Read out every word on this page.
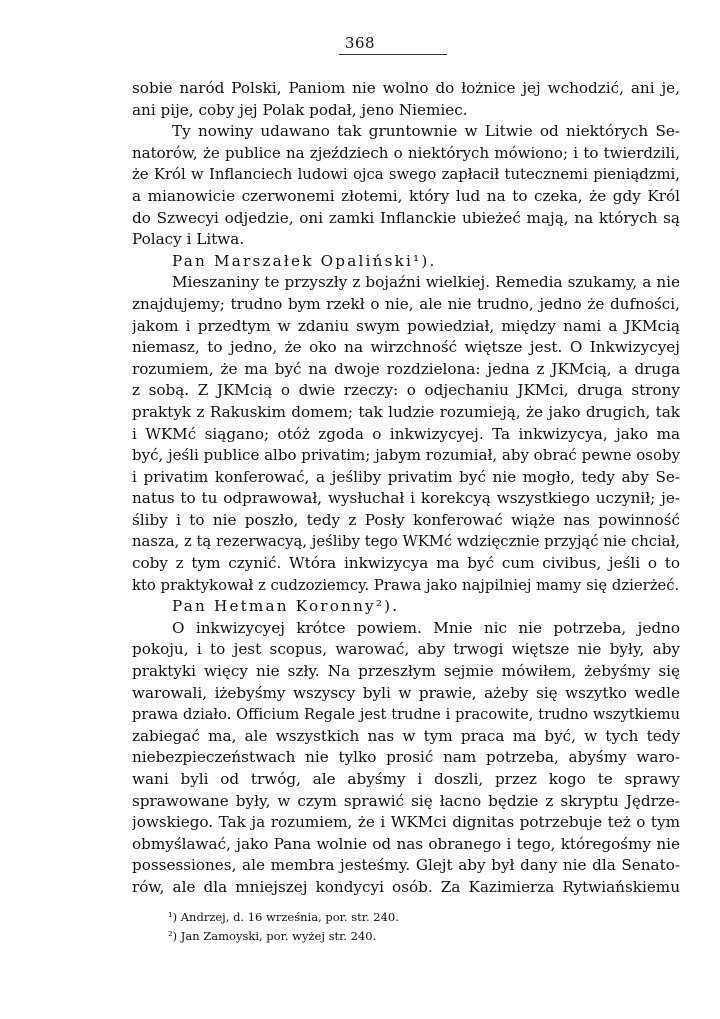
368
sobie naród Polski, Paniom nie wolno do łożnice jej wchodzić, ani je,
ani pije, coby jej Polak podał, jeno Niemiec.
Ty nowiny udawano tak gruntownie w Litwie od niektórych Se-
natorów, że publice na zjeździech o niektórych mówiono; i to twierdzili,
że Król w Inflanciech ludowi ojca swego zapłacił tutecznemi pieniądzmi,
a mianowicie czerwonemi złotemi, który lud na to czeka, że gdy Król
do Szwecyi odjedzie, oni zamki Inflanckie ubieżeć mają, na których są
Polacy i Litwa.
Pan Marszałek Opaliński¹).
Mieszaniny te przyszły z bojaźni wielkiej. Remedia szukamy, a nie
znajdujemy; trudno bym rzekł o nie, ale nie trudno, jedno że dufności,
jakom i przedtym w zdaniu swym powiedział, między nami a JKMcią
niemasz, to jedno, że oko na wirzchność więtsze jest. O Inkwizycyej
rozumiem, że ma być na dwoje rozdzielona: jedna z JKMcią, a druga
z sobą. Z JKMcią o dwie rzeczy: o odjechaniu JKMci, druga strony
praktyk z Rakuskim domem; tak ludzie rozumieją, że jako drugich, tak
i WKMć siągano; otóż zgoda o inkwizycyej. Ta inkwizycya, jako ma
być, jeśli publice albo privatim; jabym rozumiał, aby obrać pewne osoby
i privatim konferować, a jeśliby privatim być nie mogło, tedy aby Se-
natus to tu odprawował, wysłuchał i korekcyą wszystkiego uczynił; je-
śliby i to nie poszło, tedy z Posły konferować wiąże nas powinność
nasza, z tą rezerwacyą, jeśliby tego WKMć wdzięcznie przyjąć nie chciał,
coby z tym czynić. Wtóra inkwizycya ma być cum civibus, jeśli o to
kto praktykował z cudzoziemcy. Prawa jako najpilniej mamy się dzierżeć.
Pan Hetman Koronny²).
O inkwizycyej krótce powiem. Mnie nic nie potrzeba, jedno
pokoju, i to jest scopus, warować, aby trwogi więtsze nie były, aby
praktyki więcy nie szły. Na przeszłym sejmie mówiłem, żebyśmy się
warowali, iżebyśmy wszyscy byli w prawie, ażeby się wszytko wedle
prawa działo. Officium Regale jest trudne i pracowite, trudno wszytkiemu
zabiegać ma, ale wszystkich nas w tym praca ma być, w tych tedy
niebezpieczeństwach nie tylko prosić nam potrzeba, abyśmy waro-
wani byli od trwóg, ale abyśmy i doszli, przez kogo te sprawy
sprawowane były, w czym sprawić się łacno będzie z skryptu Jędrze-
jowskiego. Tak ja rozumiem, że i WKMci dignitas potrzebuje też o tym
obmyślawać, jako Pana wolnie od nas obranego i tego, któregośmy nie
possessiones, ale membra jesteśmy. Glejt aby był dany nie dla Senato-
rów, ale dla mniejszej kondycyi osób. Za Kazimierza Rytwiańskiemu
¹) Andrzej, d. 16 września, por. str. 240.
²) Jan Zamoyski, por. wyżej str. 240.
